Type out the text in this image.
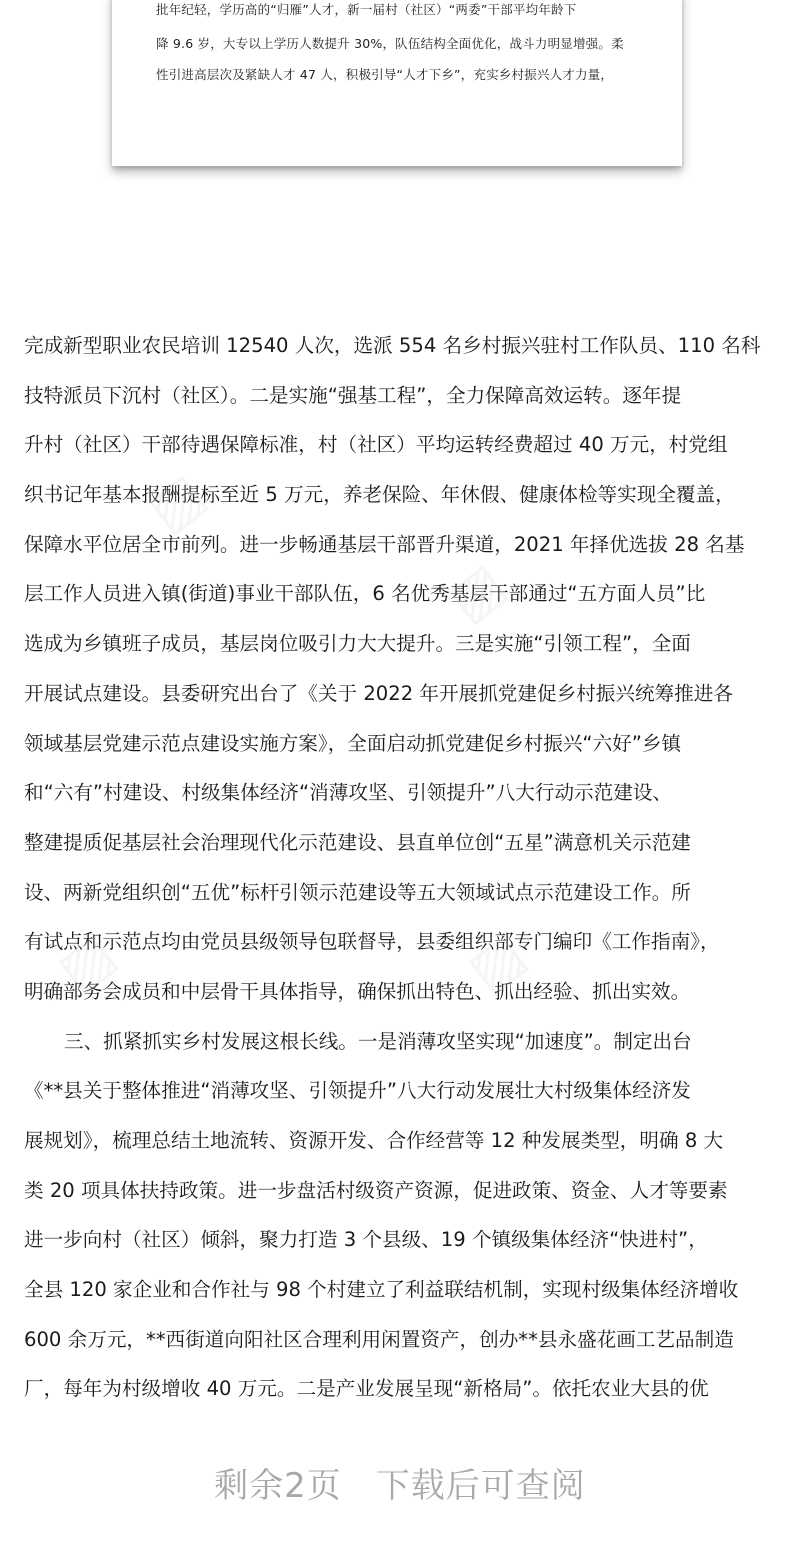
批年纪轻，学历高的“归雁”人才，新一届村（社区）“两委”干部平均年龄下
降 9.6 岁，大专以上学历人数提升 30%，队伍结构全面优化，战斗力明显增强。柔
性引进高层次及紧缺人才 47 人，积极引导“人才下乡”，充实乡村振兴人才力量，
完成新型职业农民培训 12540 人次，选派 554 名乡村振兴驻村工作队员、110 名科
技特派员下沉村（社区）。二是实施“强基工程”，全力保障高效运转。逐年提
升村（社区）干部待遇保障标准，村（社区）平均运转经费超过 40 万元，村党组
织书记年基本报酬提标至近 5 万元，养老保险、年休假、健康体检等实现全覆盖，
保障水平位居全市前列。进一步畅通基层干部晋升渠道，2021 年择优选拔 28 名基
层工作人员进入镇(街道)事业干部队伍，6 名优秀基层干部通过“五方面人员”比
选成为乡镇班子成员，基层岗位吸引力大大提升。三是实施“引领工程”，全面
开展试点建设。县委研究出台了《关于 2022 年开展抓党建促乡村振兴统筹推进各
领域基层党建示范点建设实施方案》，全面启动抓党建促乡村振兴“六好”乡镇
和“六有”村建设、村级集体经济“消薄攻坚、引领提升”八大行动示范建设、
整建提质促基层社会治理现代化示范建设、县直单位创“五星”满意机关示范建
设、两新党组织创“五优”标杆引领示范建设等五大领域试点示范建设工作。所
有试点和示范点均由党员县级领导包联督导，县委组织部专门编印《工作指南》，
明确部务会成员和中层骨干具体指导，确保抓出特色、抓出经验、抓出实效。
三、抓紧抓实乡村发展这根长线。一是消薄攻坚实现“加速度”。制定出台
《**县关于整体推进“消薄攻坚、引领提升”八大行动发展壮大村级集体经济发
展规划》，梳理总结土地流转、资源开发、合作经营等 12 种发展类型，明确 8 大
类 20 项具体扶持政策。进一步盘活村级资产资源，促进政策、资金、人才等要素
进一步向村（社区）倾斜，聚力打造 3 个县级、19 个镇级集体经济“快进村”，
全县 120 家企业和合作社与 98 个村建立了利益联结机制，实现村级集体经济增收
600 余万元，**西街道向阳社区合理利用闲置资产，创办**县永盛花画工艺品制造
厂，每年为村级增收 40 万元。二是产业发展呈现“新格局”。依托农业大县的优
▨
▨
▨	▨
剩余2页 下载后可查阅
